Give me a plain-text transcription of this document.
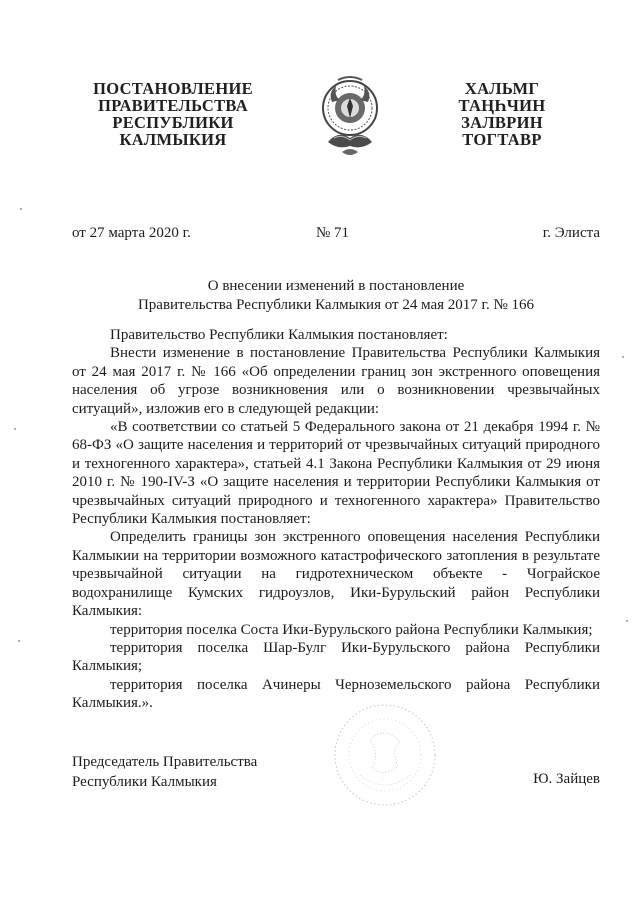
ПОСТАНОВЛЕНИЕ
ПРАВИТЕЛЬСТВА
РЕСПУБЛИКИ
КАЛМЫКИЯ
ХАЛЬМГ
ТАҢҺЧИН
ЗАЛВРИН
ТОГТАВР
от 27 марта 2020 г.	№ 71	г. Элиста
О внесении изменений в постановление
Правительства Республики Калмыкия от 24 мая 2017 г. № 166

Правительство Республики Калмыкия постановляет:

Внести изменение в постановление Правительства Республики Калмыкия от 24 мая 2017 г. № 166 «Об определении границ зон экстренного оповещения населения об угрозе возникновения или о возникновении чрезвычайных ситуаций», изложив его в следующей редакции:

«В соответствии со статьей 5 Федерального закона от 21 декабря 1994 г. № 68-ФЗ «О защите населения и территорий от чрезвычайных ситуаций природного и техногенного характера», статьей 4.1 Закона Республики Калмыкия от 29 июня 2010 г. № 190-IV-З «О защите населения и территории Республики Калмыкия от чрезвычайных ситуаций природного и техногенного характера» Правительство Республики Калмыкия постановляет:

Определить границы зон экстренного оповещения населения Республики Калмыкии на территории возможного катастрофического затопления в результате чрезвычайной ситуации на гидротехническом объекте - Чограйское водохранилище Кумских гидроузлов, Ики-Бурульский район Республики Калмыкия:

территория поселка Соста Ики-Бурульского района Республики Калмыкия;

территория поселка Шар-Булг Ики-Бурульского района Республики Калмыкия;

территория поселка Ачинеры Черноземельского района Республики Калмыкия.».

Председатель Правительства
Республики Калмыкия	Ю. Зайцев
